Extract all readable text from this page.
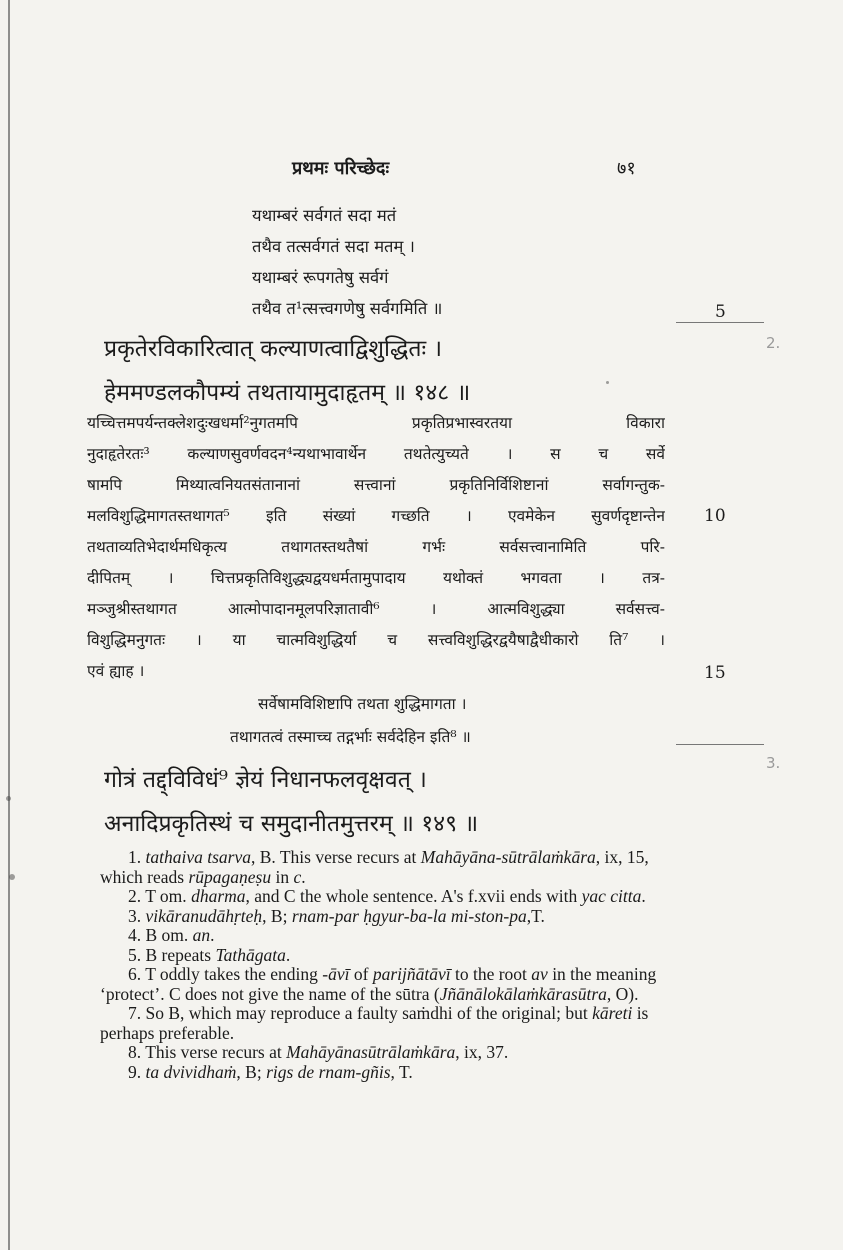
प्रथमः परिच्छेदः	७१
यथाम्बरं सर्वगतं सदा मतं
तथैव तत्सर्वगतं सदा मतम् ।
यथाम्बरं रूपगतेषु सर्वगं
तथैव त¹त्सत्त्वगणेषु सर्वगमिति ॥
प्रकृतेरविकारित्वात् कल्याणत्वाद्विशुद्धितः ।
हेममण्डलकौपम्यं तथतायामुदाहृतम् ॥ १४८ ॥
यच्चित्तमपर्यन्तक्लेशदुःखधर्मा²नुगतमपि प्रकृतिप्रभास्वरतया विकारा
नुदाहृतेरतः³ कल्याणसुवर्णवदन⁴न्यथाभावार्थेन तथतेत्युच्यते । स च सर्वे
षामपि मिथ्यात्वनियतसंतानानां सत्त्वानां प्रकृतिनिर्विशिष्टानां सर्वागन्तुक-
मलविशुद्धिमागतस्तथागत⁵ इति संख्यां गच्छति । एवमेकेन सुवर्णदृष्टान्तेन
तथताव्यतिभेदार्थमधिकृत्य तथागतस्तथतैषां गर्भः सर्वसत्त्वानामिति परि-
दीपितम् । चित्तप्रकृतिविशुद्ध्यद्वयधर्मतामुपादाय यथोक्तं भगवता । तत्र-
मञ्जुश्रीस्तथागत आत्मोपादानमूलपरिज्ञातावी⁶ । आत्मविशुद्ध्या सर्वसत्त्व-
विशुद्धिमनुगतः । या चात्मविशुद्धिर्या च सत्त्वविशुद्धिरद्वयैषाद्वैधीकारो ति⁷ ।
एवं ह्याह ।
सर्वेषामविशिष्टापि तथता शुद्धिमागता ।
तथागतत्वं तस्माच्च तद्गर्भाः सर्वदेहिन इति⁸ ॥
गोत्रं तद्द्विविधं⁹ ज्ञेयं निधानफलवृक्षवत् ।
अनादिप्रकृतिस्थं च समुदानीतमुत्तरम् ॥ १४९ ॥
5
2.
10
15
3.

1. tathaiva tsarva, B. This verse recurs at Mahāyāna-sūtrālaṁkāra, ix, 15, which reads rūpagaṇeṣu in c.

2. T om. dharma, and C the whole sentence. A's f.xvii ends with yac citta.

3. vikāranudāhṛteḥ, B; rnam-par ḥgyur-ba-la mi-ston-pa,T.

4. B om. an.

5. B repeats Tathāgata.

6. T oddly takes the ending -āvī of parijñātāvī to the root av in the meaning ‘protect’. C does not give the name of the sūtra (Jñānālokālaṁkārasūtra, O).

7. So B, which may reproduce a faulty saṁdhi of the original; but kāreti is perhaps preferable.

8. This verse recurs at Mahāyānasūtrālaṁkāra, ix, 37.

9. ta dvividhaṁ, B; rigs de rnam-gñis, T.
